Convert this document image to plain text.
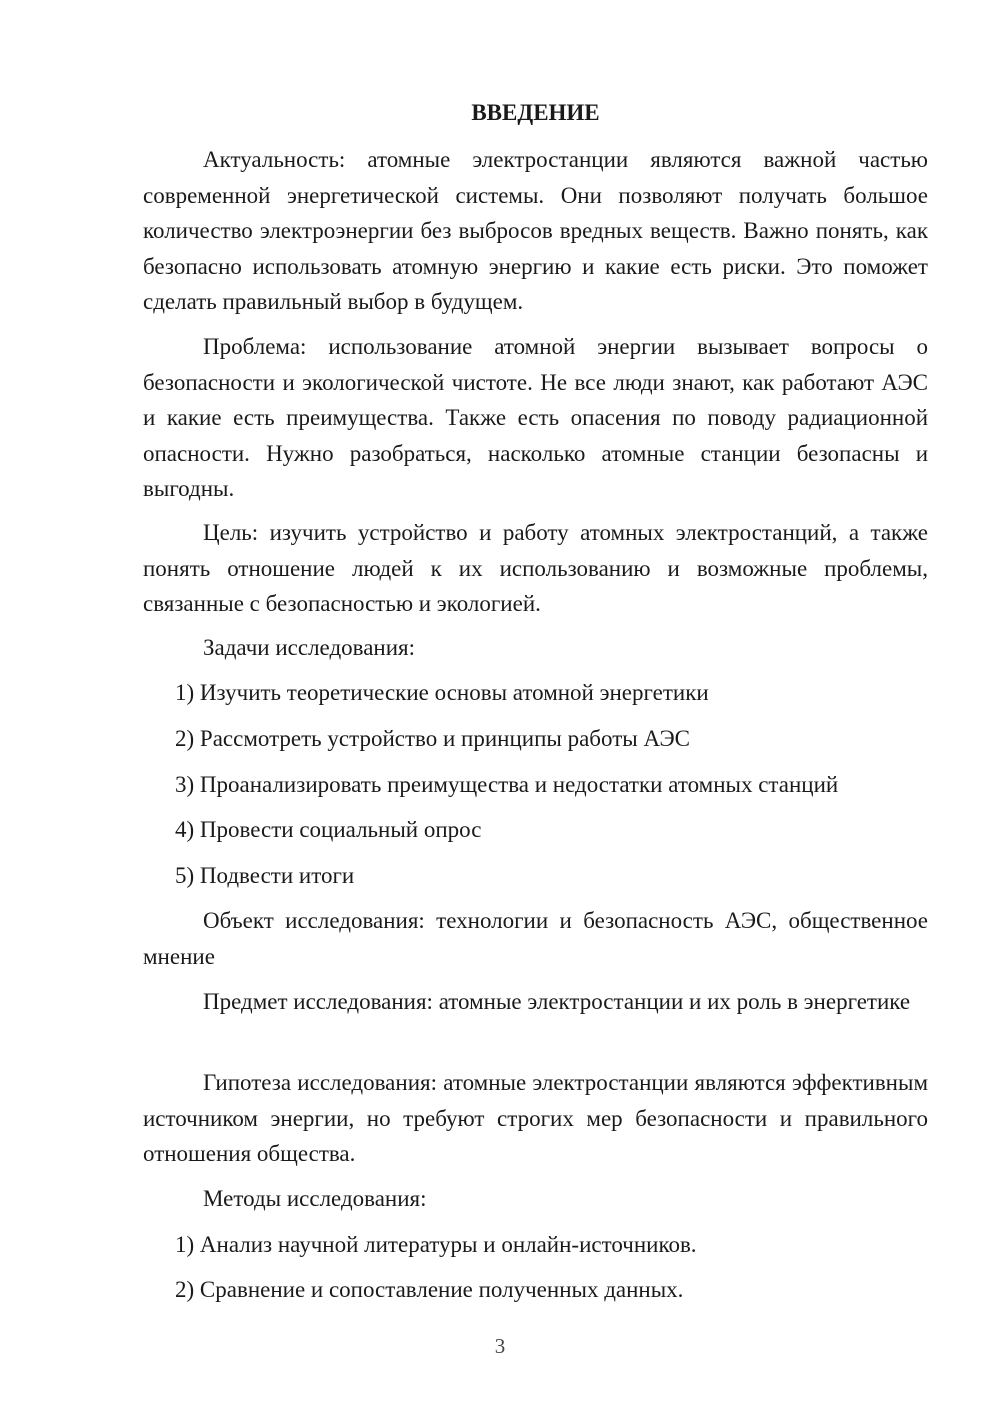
ВВЕДЕНИЕ

Актуальность: атомные электростанции являются важной частью современной энергетической системы. Они позволяют получать большое количество электроэнергии без выбросов вредных веществ. Важно понять, как безопасно использовать атомную энергию и какие есть риски. Это поможет сделать правильный выбор в будущем.

Проблема: использование атомной энергии вызывает вопросы о безопасности и экологической чистоте. Не все люди знают, как работают АЭС и какие есть преимущества. Также есть опасения по поводу радиационной опасности. Нужно разобраться, насколько атомные станции безопасны и выгодны.

Цель: изучить устройство и работу атомных электростанций, а также понять отношение людей к их использованию и возможные проблемы, связанные с безопасностью и экологией.

Задачи исследования:

1) Изучить теоретические основы атомной энергетики

2) Рассмотреть устройство и принципы работы АЭС

3) Проанализировать преимущества и недостатки атомных станций

4) Провести социальный опрос

5) Подвести итоги

Объект исследования: технологии и безопасность АЭС, общественное мнение

Предмет исследования: атомные электростанции и их роль в энергетике

Гипотеза исследования: атомные электростанции являются эффективным источником энергии, но требуют строгих мер безопасности и правильного отношения общества.

Методы исследования:

1) Анализ научной литературы и онлайн-источников.

2) Сравнение и сопоставление полученных данных.

3
